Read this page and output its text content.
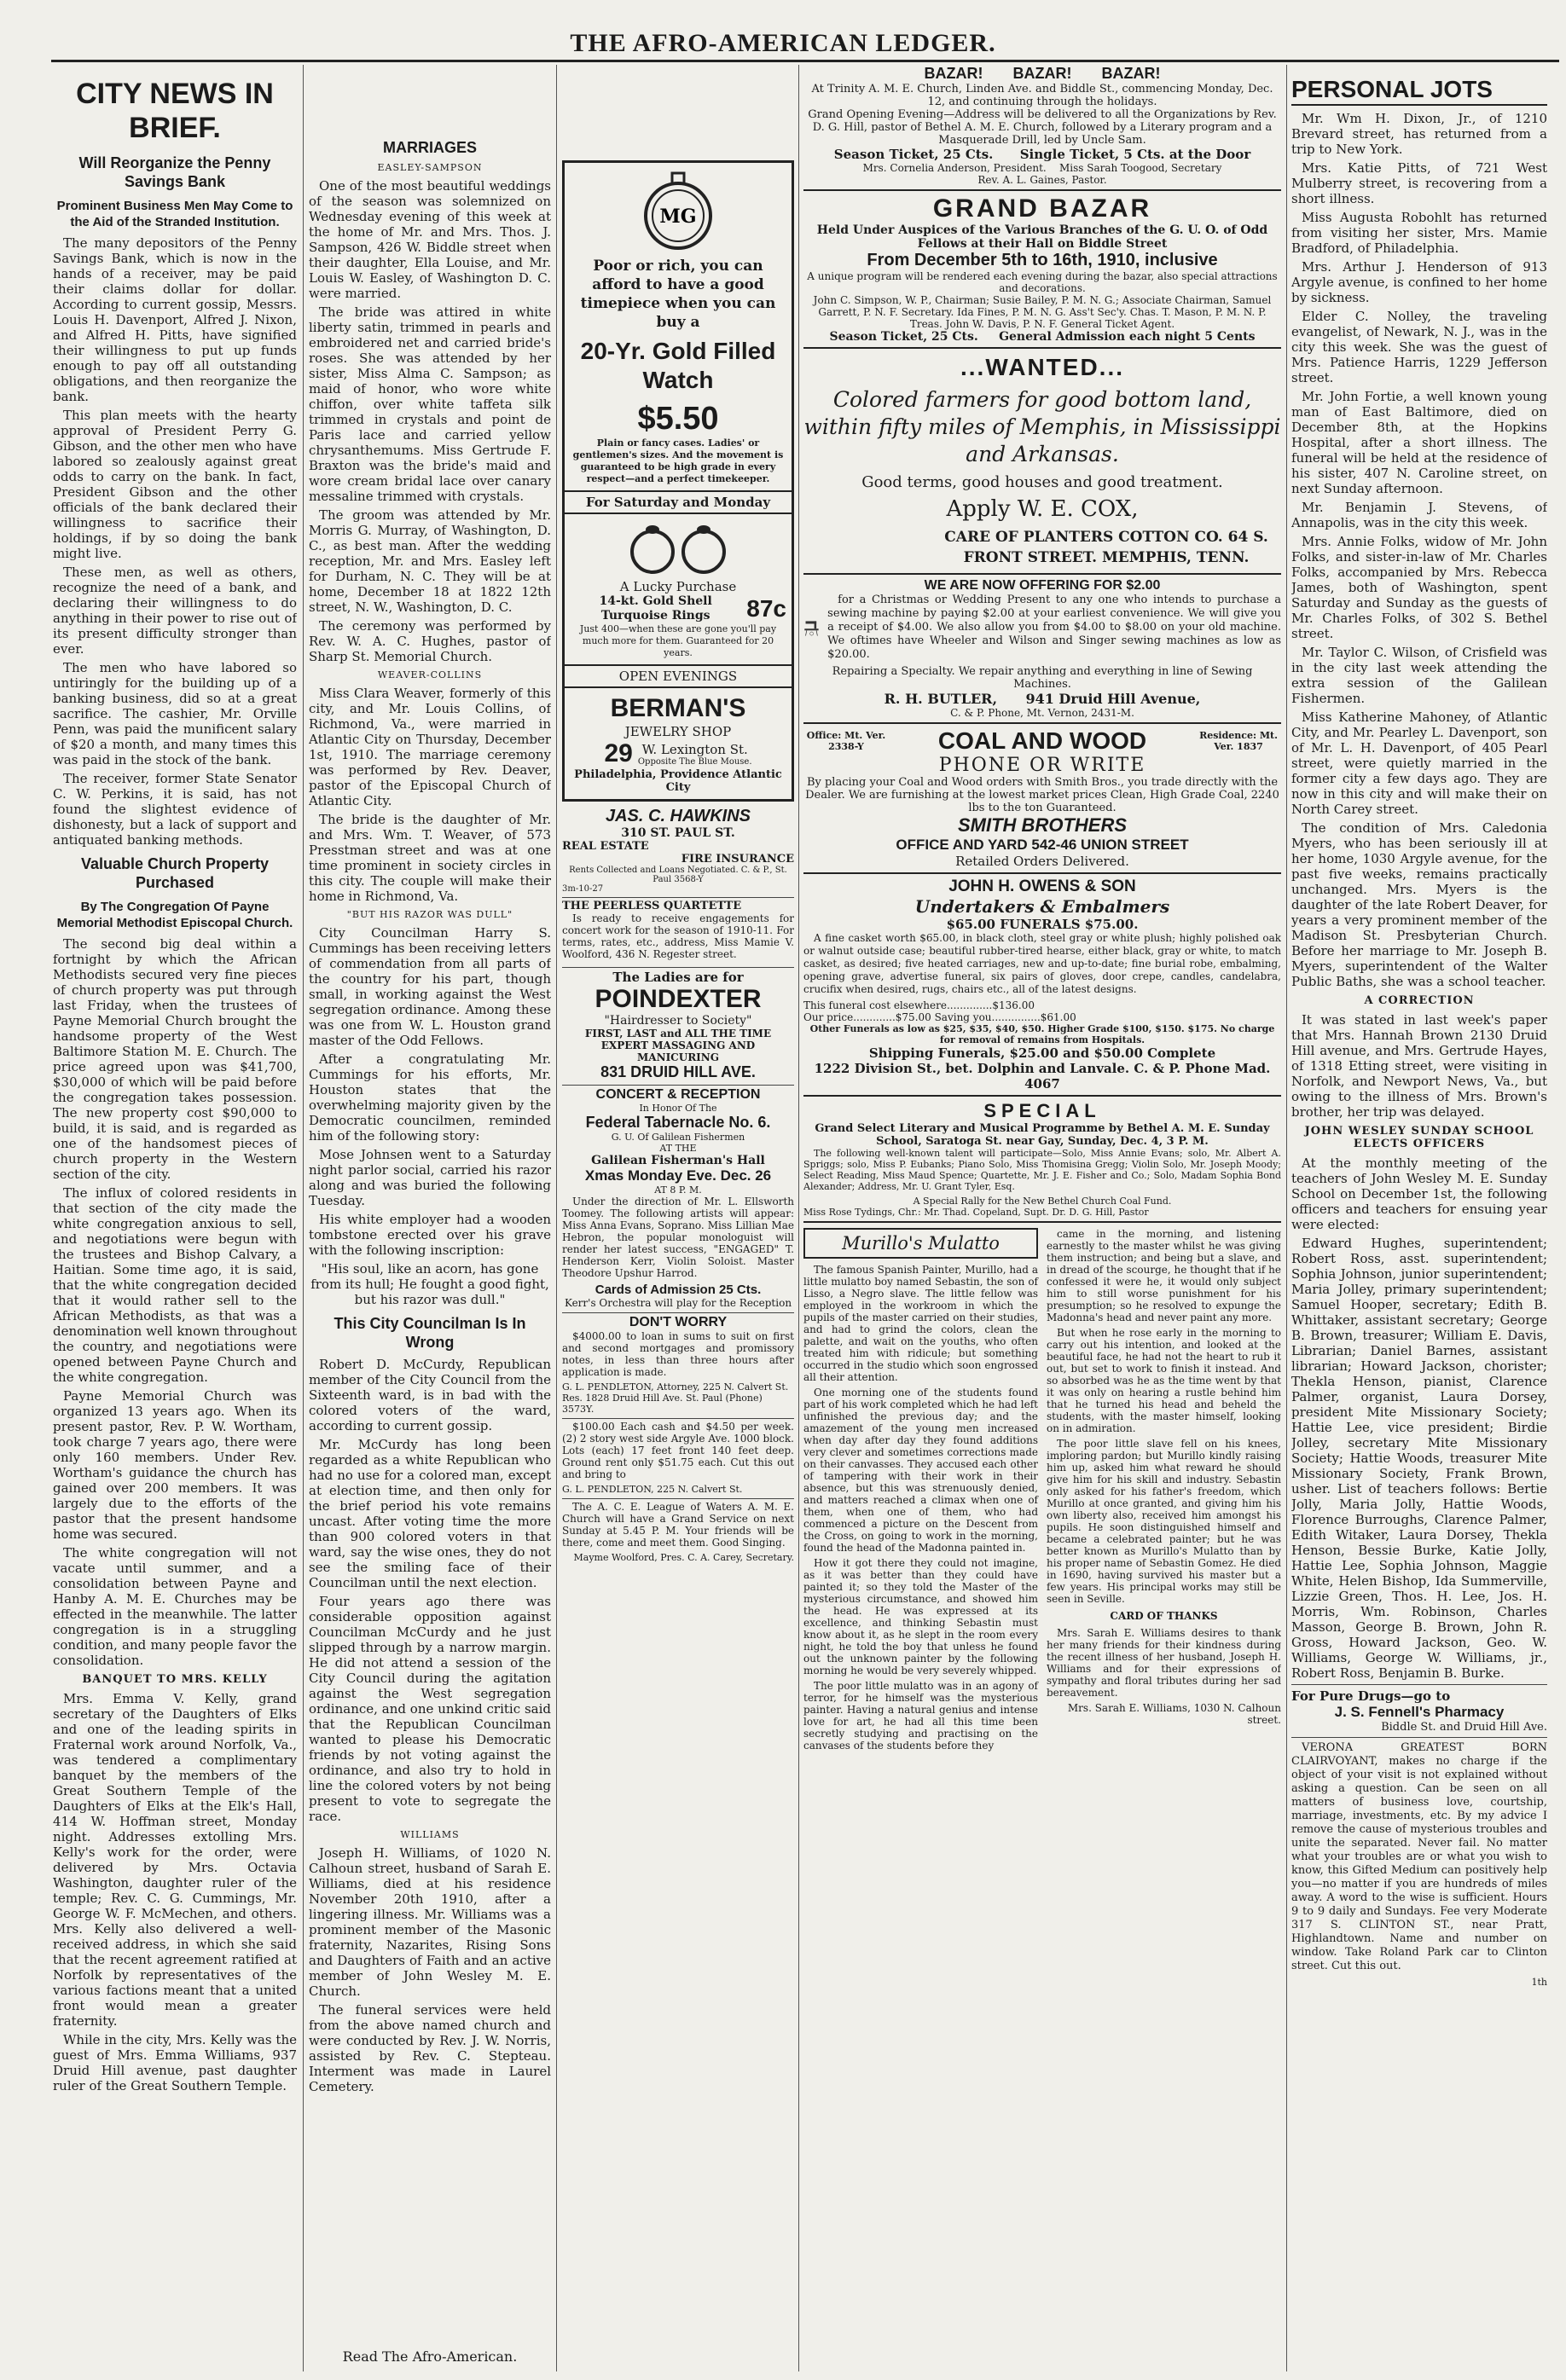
THE AFRO-AMERICAN LEDGER.
CITY NEWS IN BRIEF.
Will Reorganize the Penny Savings Bank
Prominent Business Men May Come to the Aid of the Stranded Institution.

The many depositors of the Penny Savings Bank, which is now in the hands of a receiver, may be paid their claims dollar for dollar. According to current gossip, Messrs. Louis H. Davenport, Alfred J. Nixon, and Alfred H. Pitts, have signified their willingness to put up funds enough to pay off all outstanding obligations, and then reorganize the bank.

This plan meets with the hearty approval of President Perry G. Gibson, and the other men who have labored so zealously against great odds to carry on the bank. In fact, President Gibson and the other officials of the bank declared their willingness to sacrifice their holdings, if by so doing the bank might live.

These men, as well as others, recognize the need of a bank, and declaring their willingness to do anything in their power to rise out of its present difficulty stronger than ever.

The men who have labored so untiringly for the building up of a banking business, did so at a great sacrifice. The cashier, Mr. Orville Penn, was paid the munificent salary of $20 a month, and many times this was paid in the stock of the bank.

The receiver, former State Senator C. W. Perkins, it is said, has not found the slightest evidence of dishonesty, but a lack of support and antiquated banking methods.

Valuable Church Property Purchased
By The Congregation Of Payne Memorial Methodist Episcopal Church.

The second big deal within a fortnight by which the African Methodists secured very fine pieces of church property was put through last Friday, when the trustees of Payne Memorial Church brought the handsome property of the West Baltimore Station M. E. Church. The price agreed upon was $41,700, $30,000 of which will be paid before the congregation takes possession. The new property cost $90,000 to build, it is said, and is regarded as one of the handsomest pieces of church property in the Western section of the city.

The influx of colored residents in that section of the city made the white congregation anxious to sell, and negotiations were begun with the trustees and Bishop Calvary, a Haitian. Some time ago, it is said, that the white congregation decided that it would rather sell to the African Methodists, as that was a denomination well known throughout the country, and negotiations were opened between Payne Church and the white congregation.

Payne Memorial Church was organized 13 years ago. When its present pastor, Rev. P. W. Wortham, took charge 7 years ago, there were only 160 members. Under Rev. Wortham's guidance the church has gained over 200 members. It was largely due to the efforts of the pastor that the present handsome home was secured.

The white congregation will not vacate until summer, and a consolidation between Payne and Hanby A. M. E. Churches may be effected in the meanwhile. The latter congregation is in a struggling condition, and many people favor the consolidation.

BANQUET TO MRS. KELLY

Mrs. Emma V. Kelly, grand secretary of the Daughters of Elks and one of the leading spirits in Fraternal work around Norfolk, Va., was tendered a complimentary banquet by the members of the Great Southern Temple of the Daughters of Elks at the Elk's Hall, 414 W. Hoffman street, Monday night. Addresses extolling Mrs. Kelly's work for the order, were delivered by Mrs. Octavia Washington, daughter ruler of the temple; Rev. C. G. Cummings, Mr. George W. F. McMechen, and others. Mrs. Kelly also delivered a well-received address, in which she said that the recent agreement ratified at Norfolk by representatives of the various factions meant that a united front would mean a greater fraternity.

While in the city, Mrs. Kelly was the guest of Mrs. Emma Williams, 937 Druid Hill avenue, past daughter ruler of the Great Southern Temple.

MARRIAGES
EASLEY-SAMPSON

One of the most beautiful weddings of the season was solemnized on Wednesday evening of this week at the home of Mr. and Mrs. Thos. J. Sampson, 426 W. Biddle street when their daughter, Ella Louise, and Mr. Louis W. Easley, of Washington D. C. were married.

The bride was attired in white liberty satin, trimmed in pearls and embroidered net and carried bride's roses. She was attended by her sister, Miss Alma C. Sampson; as maid of honor, who wore white chiffon, over white taffeta silk trimmed in crystals and point de Paris lace and carried yellow chrysanthemums. Miss Gertrude F. Braxton was the bride's maid and wore cream bridal lace over canary messaline trimmed with crystals.

The groom was attended by Mr. Morris G. Murray, of Washington, D. C., as best man. After the wedding reception, Mr. and Mrs. Easley left for Durham, N. C. They will be at home, December 18 at 1822 12th street, N. W., Washington, D. C.

The ceremony was performed by Rev. W. A. C. Hughes, pastor of Sharp St. Memorial Church.

WEAVER-COLLINS

Miss Clara Weaver, formerly of this city, and Mr. Louis Collins, of Richmond, Va., were married in Atlantic City on Thursday, December 1st, 1910. The marriage ceremony was performed by Rev. Deaver, pastor of the Episcopal Church of Atlantic City.

The bride is the daughter of Mr. and Mrs. Wm. T. Weaver, of 573 Presstman street and was at one time prominent in society circles in this city. The couple will make their home in Richmond, Va.

"BUT HIS RAZOR WAS DULL"

City Councilman Harry S. Cummings has been receiving letters of commendation from all parts of the country for his part, though small, in working against the West segregation ordinance. Among these was one from W. L. Houston grand master of the Odd Fellows.

After a congratulating Mr. Cummings for his efforts, Mr. Houston states that the overwhelming majority given by the Democratic councilmen, reminded him of the following story:

Mose Johnsen went to a Saturday night parlor social, carried his razor along and was buried the following Tuesday.

His white employer had a wooden tombstone erected over his grave with the following inscription:

"His soul, like an acorn, has gone from its hull; He fought a good fight, but his razor was dull."

This City Councilman Is In Wrong

Robert D. McCurdy, Republican member of the City Council from the Sixteenth ward, is in bad with the colored voters of the ward, according to current gossip.

Mr. McCurdy has long been regarded as a white Republican who had no use for a colored man, except at election time, and then only for the brief period his vote remains uncast. After voting time the more than 900 colored voters in that ward, say the wise ones, they do not see the smiling face of their Councilman until the next election.

Four years ago there was considerable opposition against Councilman McCurdy and he just slipped through by a narrow margin. He did not attend a session of the City Council during the agitation against the West segregation ordinance, and one unkind critic said that the Republican Councilman wanted to please his Democratic friends by not voting against the ordinance, and also try to hold in line the colored voters by not being present to vote to segregate the race.

WILLIAMS

Joseph H. Williams, of 1020 N. Calhoun street, husband of Sarah E. Williams, died at his residence November 20th 1910, after a lingering illness. Mr. Williams was a prominent member of the Masonic fraternity, Nazarites, Rising Sons and Daughters of Faith and an active member of John Wesley M. E. Church.

The funeral services were held from the above named church and were conducted by Rev. J. W. Norris, assisted by Rev. C. Stepteau. Interment was made in Laurel Cemetery.

Read The Afro-American.
MG
Poor or rich, you can afford to have a good timepiece when you can buy a
20-Yr. Gold Filled Watch
$5.50
Plain or fancy cases. Ladies' or gentlemen's sizes. And the movement is guaranteed to be high grade in every respect—and a perfect timekeeper.
For Saturday and Monday
A Lucky Purchase
14-kt. Gold Shell Turquoise Rings	87c
Just 400—when these are gone you'll pay much more for them. Guaranteed for 20 years.
OPEN EVENINGS
BERMAN'S
JEWELRY SHOP
29 W. Lexington St.
Opposite The Blue Mouse.
Philadelphia, Providence Atlantic City
JAS. C. HAWKINS
310 ST. PAUL ST.
REAL ESTATE
FIRE INSURANCE
Rents Collected and Loans Negotiated. C. & P., St. Paul 3568-Y
3m-10-27
THE PEERLESS QUARTETTE

Is ready to receive engagements for concert work for the season of 1910-11. For terms, rates, etc., address, Miss Mamie V. Woolford, 436 N. Regester street.

The Ladies are for
POINDEXTER
"Hairdresser to Society"
FIRST, LAST and ALL THE TIME EXPERT MASSAGING AND MANICURING
831 DRUID HILL AVE.
CONCERT & RECEPTION
In Honor Of The
Federal Tabernacle No. 6.
G. U. Of Galilean Fishermen
AT THE
Galilean Fisherman's Hall
Xmas Monday Eve. Dec. 26
AT 8 P. M.

Under the direction of Mr. L. Ellsworth Toomey. The following artists will appear: Miss Anna Evans, Soprano. Miss Lillian Mae Hebron, the popular monologuist will render her latest success, "ENGAGED" T. Henderson Kerr, Violin Soloist. Master Theodore Upshur Harrod.

Cards of Admission 25 Cts.
Kerr's Orchestra will play for the Reception
DON'T WORRY

$4000.00 to loan in sums to suit on first and second mortgages and promissory notes, in less than three hours after application is made.

G. L. PENDLETON, Attorney, 225 N. Calvert St.
Res. 1828 Druid Hill Ave. St. Paul (Phone) 3573Y.

$100.00 Each cash and $4.50 per week. (2) 2 story west side Argyle Ave. 1000 block. Lots (each) 17 feet front 140 feet deep. Ground rent only $51.75 each. Cut this out and bring to

G. L. PENDLETON, 225 N. Calvert St.

The A. C. E. League of Waters A. M. E. Church will have a Grand Service on next Sunday at 5.45 P. M. Your friends will be there, come and meet them. Good Singing.

Mayme Woolford, Pres. C. A. Carey, Secretary.
BAZAR!       BAZAR!       BAZAR!
At Trinity A. M. E. Church, Linden Ave. and Biddle St., commencing Monday, Dec. 12, and continuing through the holidays.
Grand Opening Evening—Address will be delivered to all the Organizations by Rev. D. G. Hill, pastor of Bethel A. M. E. Church, followed by a Literary program and a Masquerade Drill, led by Uncle Sam.
Season Ticket, 25 Cts.      Single Ticket, 5 Cts. at the Door
Mrs. Cornelia Anderson, President.    Miss Sarah Toogood, Secretary
Rev. A. L. Gaines, Pastor.
GRAND BAZAR
Held Under Auspices of the Various Branches of the G. U. O. of Odd Fellows at their Hall on Biddle Street
From December 5th to 16th, 1910, inclusive
A unique program will be rendered each evening during the bazar, also special attractions and decorations.
John C. Simpson, W. P., Chairman; Susie Bailey, P. M. N. G.; Associate Chairman, Samuel Garrett, P. N. F. Secretary. Ida Fines, P. M. N. G. Ass't Sec'y. Chas. T. Mason, P. M. N. P. Treas. John W. Davis, P. N. F. General Ticket Agent.
Season Ticket, 25 Cts.     General Admission each night 5 Cents
...WANTED...
Colored farmers for good bottom land, within fifty miles of Memphis, in Mississippi and Arkansas.
Good terms, good houses and good treatment.
Apply W. E. COX,
CARE OF PLANTERS COTTON CO. 64 S. FRONT STREET. MEMPHIS, TENN.
WE ARE NOW OFFERING FOR $2.00

for a Christmas or Wedding Present to any one who intends to purchase a sewing machine by paying $2.00 at your earliest convenience. We will give you a receipt of $4.00. We also allow you from $4.00 to $8.00 on your old machine. We oftimes have Wheeler and Wilson and Singer sewing machines as low as $20.00.

Repairing a Specialty. We repair anything and everything in line of Sewing Machines.
R. H. BUTLER,      941 Druid Hill Avenue,
C. & P. Phone, Mt. Vernon, 2431-M.
Office: Mt. Ver. 2338-Y	COAL AND WOOD	Residence: Mt. Ver. 1837
PHONE OR WRITE
By placing your Coal and Wood orders with Smith Bros., you trade directly with the Dealer. We are furnishing at the lowest market prices Clean, High Grade Coal, 2240 lbs to the ton Guaranteed.
SMITH BROTHERS
OFFICE AND YARD 542-46 UNION STREET
Retailed Orders Delivered.
JOHN H. OWENS & SON
Undertakers & Embalmers
$65.00 FUNERALS $75.00.

A fine casket worth $65.00, in black cloth, steel gray or white plush; highly polished oak or walnut outside case; beautiful rubber-tired hearse, either black, gray or white, to match casket, as desired; five heated carriages, new and up-to-date; fine burial robe, embalming, opening grave, advertise funeral, six pairs of gloves, door crepe, candles, candelabra, crucifix when desired, rugs, chairs etc., all of the latest designs.

This funeral cost elsewhere..............$136.00
Our price.............$75.00 Saving you...............$61.00
Other Funerals as low as $25, $35, $40, $50. Higher Grade $100, $150. $175. No charge for removal of remains from Hospitals.
Shipping Funerals, $25.00 and $50.00 Complete
1222 Division St., bet. Dolphin and Lanvale. C. & P. Phone Mad. 4067
SPECIAL
Grand Select Literary and Musical Programme by Bethel A. M. E. Sunday School, Saratoga St. near Gay, Sunday, Dec. 4, 3 P. M.

The following well-known talent will participate—Solo, Miss Annie Evans; solo, Mr. Albert A. Spriggs; solo, Miss P. Eubanks; Piano Solo, Miss Thomisina Gregg; Violin Solo, Mr. Joseph Moody; Select Reading, Miss Maud Spence; Quartette, Mr. J. E. Fisher and Co.; Solo, Madam Sophia Bond Alexander; Address, Mr. U. Grant Tyler, Esq.

A Special Rally for the New Bethel Church Coal Fund.
Miss Rose Tydings, Chr.: Mr. Thad. Copeland, Supt. Dr. D. G. Hill, Pastor
Murillo's Mulatto

The famous Spanish Painter, Murillo, had a little mulatto boy named Sebastin, the son of Lisso, a Negro slave. The little fellow was employed in the workroom in which the pupils of the master carried on their studies, and had to grind the colors, clean the palette, and wait on the youths, who often treated him with ridicule; but something occurred in the studio which soon engrossed all their attention.

One morning one of the students found part of his work completed which he had left unfinished the previous day; and the amazement of the young men increased when day after day they found additions very clever and sometimes corrections made on their canvasses. They accused each other of tampering with their work in their absence, but this was strenuously denied, and matters reached a climax when one of them, when one of them, who had commenced a picture on the Descent from the Cross, on going to work in the morning, found the head of the Madonna painted in.

How it got there they could not imagine, as it was better than they could have painted it; so they told the Master of the mysterious circumstance, and showed him the head. He was expressed at its excellence, and thinking Sebastin must know about it, as he slept in the room every night, he told the boy that unless he found out the unknown painter by the following morning he would be very severely whipped.

The poor little mulatto was in an agony of terror, for he himself was the mysterious painter. Having a natural genius and intense love for art, he had all this time been secretly studying and practising on the canvases of the students before they

came in the morning, and listening earnestly to the master whilst he was giving them instruction; and being but a slave, and in dread of the scourge, he thought that if he confessed it were he, it would only subject him to still worse punishment for his presumption; so he resolved to expunge the Madonna's head and never paint any more.

But when he rose early in the morning to carry out his intention, and looked at the beautiful face, he had not the heart to rub it out, but set to work to finish it instead. And so absorbed was he as the time went by that it was only on hearing a rustle behind him that he turned his head and beheld the students, with the master himself, looking on in admiration.

The poor little slave fell on his knees, imploring pardon; but Murillo kindly raising him up, asked him what reward he should give him for his skill and industry. Sebastin only asked for his father's freedom, which Murillo at once granted, and giving him his own liberty also, received him amongst his pupils. He soon distinguished himself and became a celebrated painter; but he was better known as Murillo's Mulatto than by his proper name of Sebastin Gomez. He died in 1690, having survived his master but a few years. His principal works may still be seen in Seville.

CARD OF THANKS

Mrs. Sarah E. Williams desires to thank her many friends for their kindness during the recent illness of her husband, Joseph H. Williams and for their expressions of sympathy and floral tributes during her sad bereavement.

Mrs. Sarah E. Williams, 1030 N. Calhoun street.
PERSONAL JOTS

Mr. Wm H. Dixon, Jr., of 1210 Brevard street, has returned from a trip to New York.

Mrs. Katie Pitts, of 721 West Mulberry street, is recovering from a short illness.

Miss Augusta Robohlt has returned from visiting her sister, Mrs. Mamie Bradford, of Philadelphia.

Mrs. Arthur J. Henderson of 913 Argyle avenue, is confined to her home by sickness.

Elder C. Nolley, the traveling evangelist, of Newark, N. J., was in the city this week. She was the guest of Mrs. Patience Harris, 1229 Jefferson street.

Mr. John Fortie, a well known young man of East Baltimore, died on December 8th, at the Hopkins Hospital, after a short illness. The funeral will be held at the residence of his sister, 407 N. Caroline street, on next Sunday afternoon.

Mr. Benjamin J. Stevens, of Annapolis, was in the city this week.

Mrs. Annie Folks, widow of Mr. John Folks, and sister-in-law of Mr. Charles Folks, accompanied by Mrs. Rebecca James, both of Washington, spent Saturday and Sunday as the guests of Mr. Charles Folks, of 302 S. Bethel street.

Mr. Taylor C. Wilson, of Crisfield was in the city last week attending the extra session of the Galilean Fishermen.

Miss Katherine Mahoney, of Atlantic City, and Mr. Pearley L. Davenport, son of Mr. L. H. Davenport, of 405 Pearl street, were quietly married in the former city a few days ago. They are now in this city and will make their on North Carey street.

The condition of Mrs. Caledonia Myers, who has been seriously ill at her home, 1030 Argyle avenue, for the past five weeks, remains practically unchanged. Mrs. Myers is the daughter of the late Robert Deaver, for years a very prominent member of the Madison St. Presbyterian Church. Before her marriage to Mr. Joseph B. Myers, superintendent of the Walter Public Baths, she was a school teacher.

A CORRECTION

It was stated in last week's paper that Mrs. Hannah Brown 2130 Druid Hill avenue, and Mrs. Gertrude Hayes, of 1318 Etting street, were visiting in Norfolk, and Newport News, Va., but owing to the illness of Mrs. Brown's brother, her trip was delayed.

JOHN WESLEY SUNDAY SCHOOL ELECTS OFFICERS

At the monthly meeting of the teachers of John Wesley M. E. Sunday School on December 1st, the following officers and teachers for ensuing year were elected:

Edward Hughes, superintendent; Robert Ross, asst. superintendent; Sophia Johnson, junior superintendent; Maria Jolley, primary superintendent; Samuel Hooper, secretary; Edith B. Whittaker, assistant secretary; George B. Brown, treasurer; William E. Davis, Librarian; Daniel Barnes, assistant librarian; Howard Jackson, chorister; Thekla Henson, pianist, Clarence Palmer, organist, Laura Dorsey, president Mite Missionary Society; Hattie Lee, vice president; Birdie Jolley, secretary Mite Missionary Society; Hattie Woods, treasurer Mite Missionary Society, Frank Brown, usher. List of teachers follows: Bertie Jolly, Maria Jolly, Hattie Woods, Florence Burroughs, Clarence Palmer, Edith Witaker, Laura Dorsey, Thekla Henson, Bessie Burke, Katie Jolly, Hattie Lee, Sophia Johnson, Maggie White, Helen Bishop, Ida Summerville, Lizzie Green, Thos. H. Lee, Jos. H. Morris, Wm. Robinson, Charles Masson, George B. Brown, John R. Gross, Howard Jackson, Geo. W. Williams, George W. Williams, jr., Robert Ross, Benjamin B. Burke.

For Pure Drugs—go to
J. S. Fennell's Pharmacy
Biddle St. and Druid Hill Ave.

VERONA GREATEST BORN CLAIRVOYANT, makes no charge if the object of your visit is not explained without asking a question. Can be seen on all matters of business love, courtship, marriage, investments, etc. By my advice I remove the cause of mysterious troubles and unite the separated. Never fail. No matter what your troubles are or what you wish to know, this Gifted Medium can positively help you—no matter if you are hundreds of miles away. A word to the wise is sufficient. Hours 9 to 9 daily and Sundays. Fee very Moderate 317 S. CLINTON ST., near Pratt, Highlandtown. Name and number on window. Take Roland Park car to Clinton street. Cut this out.

1th
